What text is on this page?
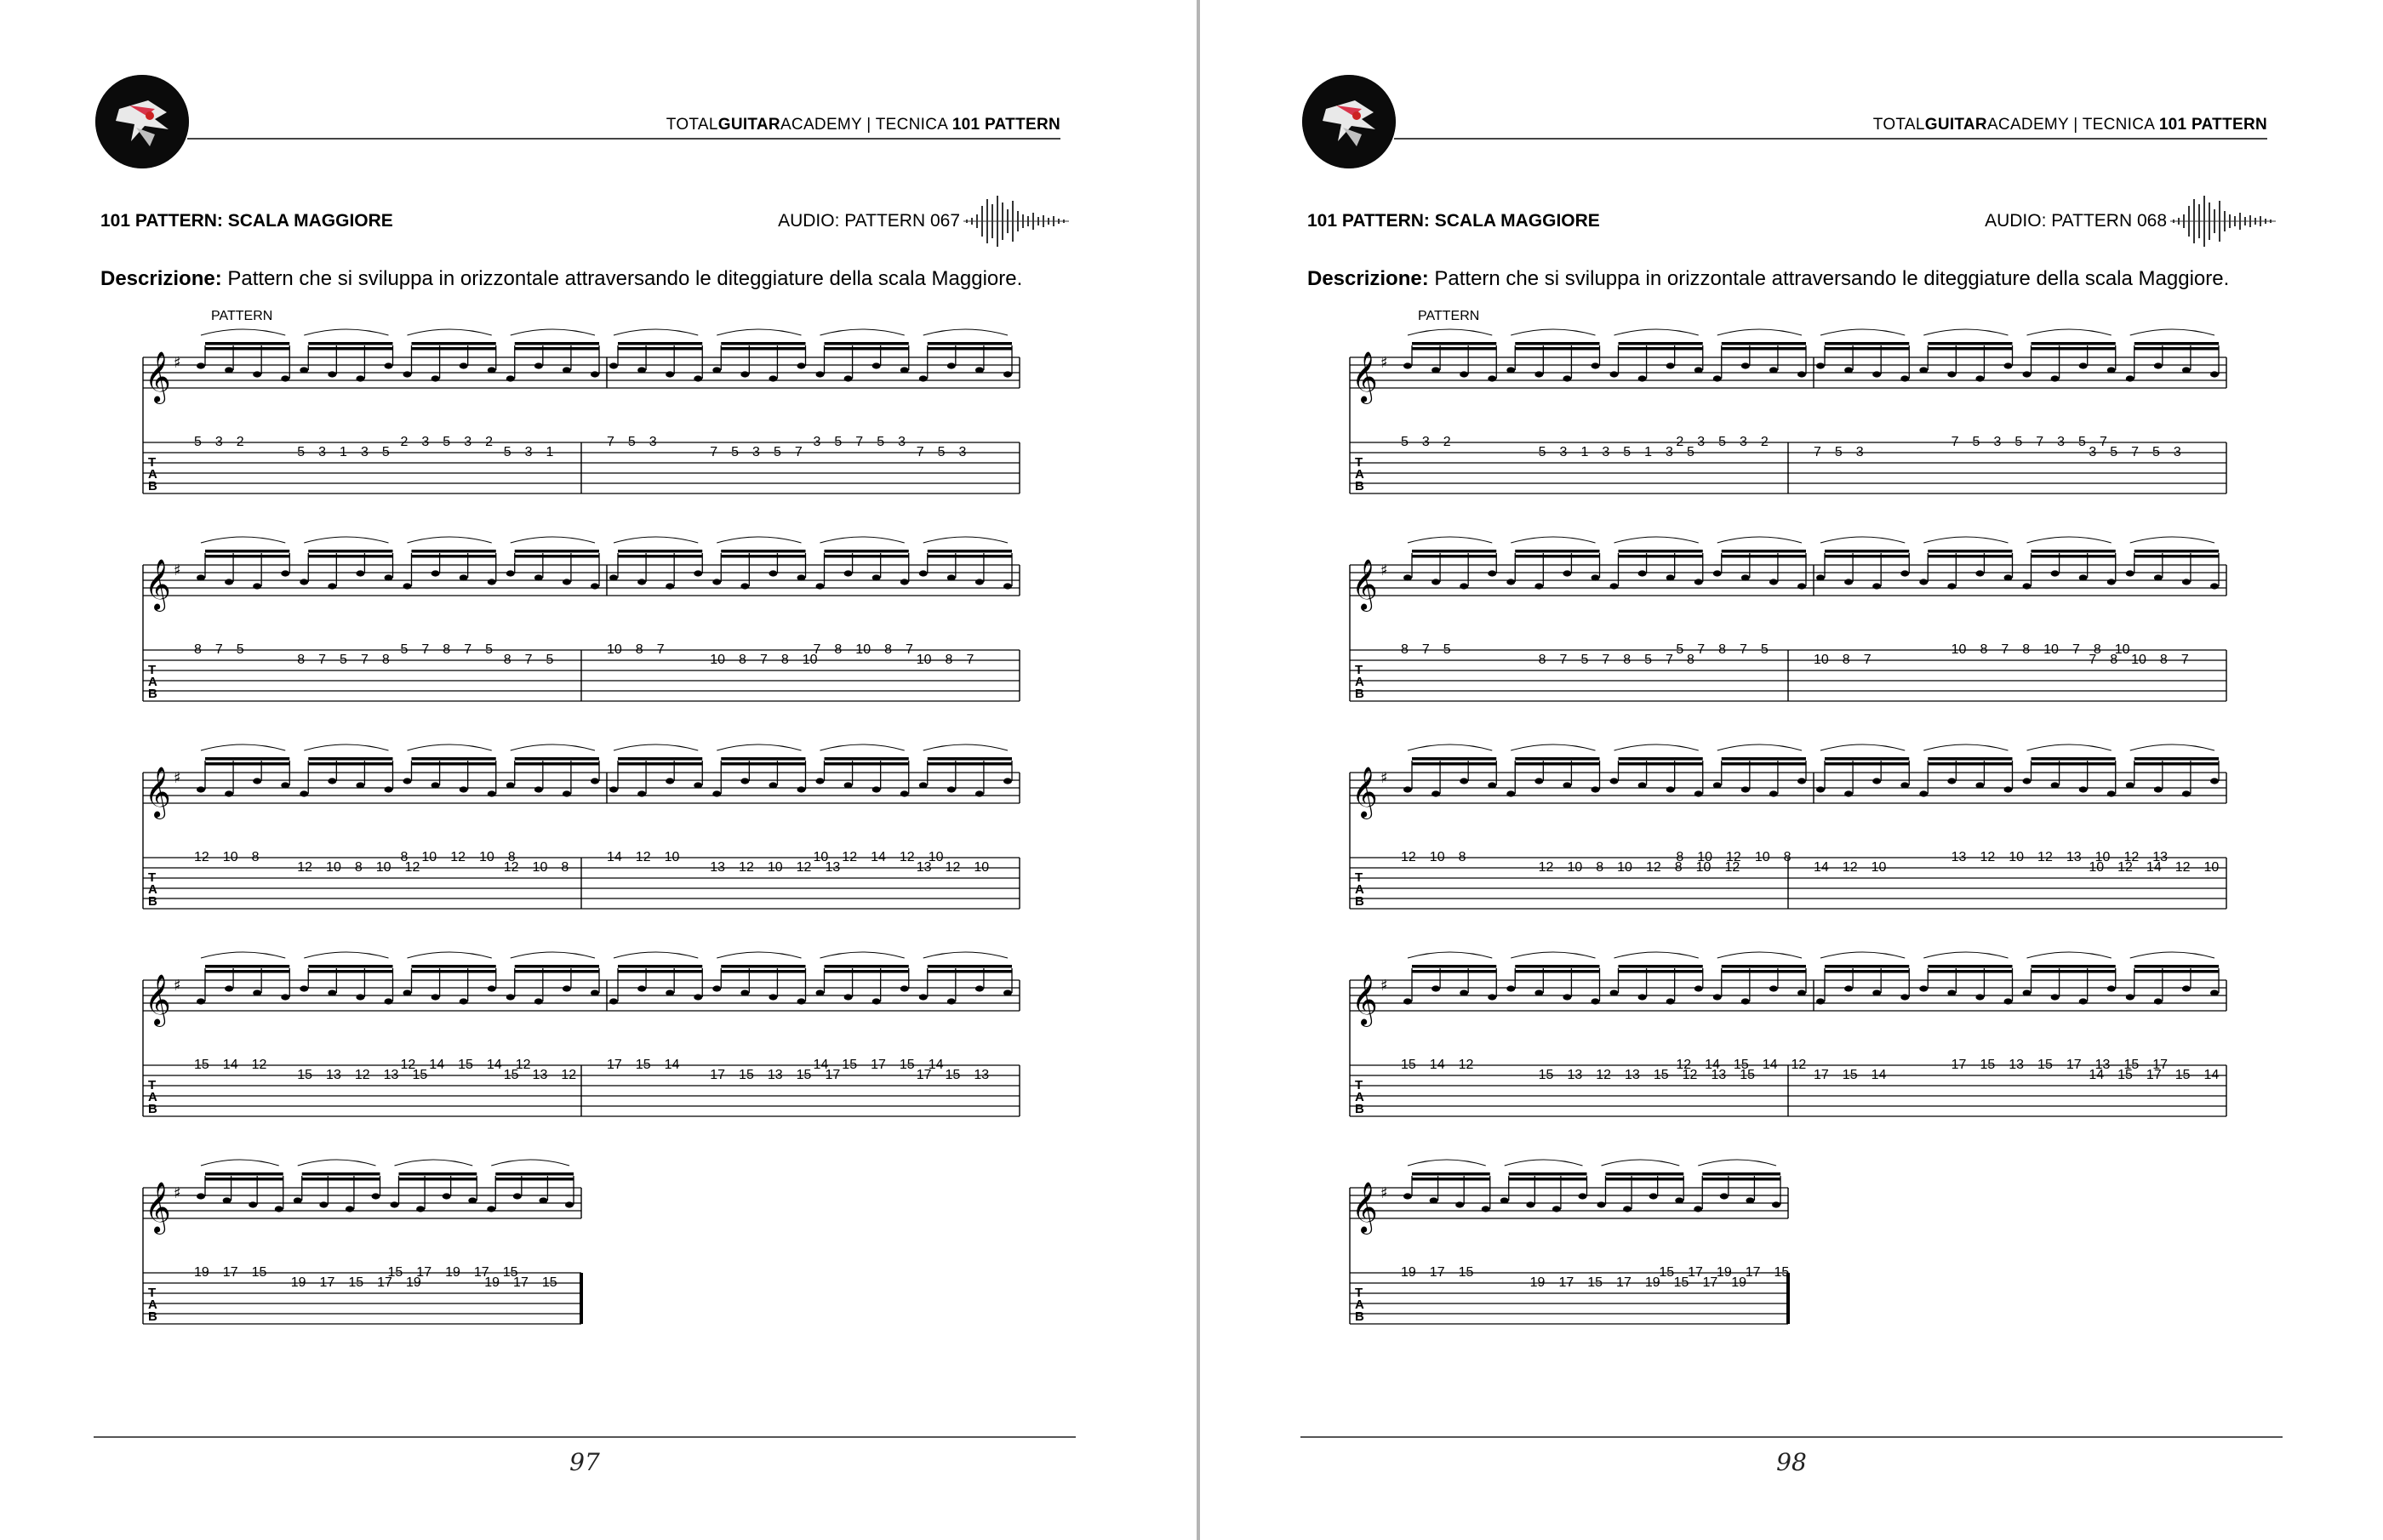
TOTALGUITARACADEMY | TECNICA 101 PATTERN
101 PATTERN: SCALA MAGGIORE	AUDIO: PATTERN 067
Descrizione: Pattern che si sviluppa in orizzontale attraversando le diteggiature della scala Maggiore.
PATTERN
𝄞 ♯
T
A
B
5—3—2
5—3—1—3—5
2—3—5—3—2
5—3—1
7—5—3
7—5—3—5—7
3—5—7—5—3
7—5—3
𝄞 ♯
T
A
B
8—7—5
8—7—5—7—8
5—7—8—7—5
8—7—5
10—8—7
10—8—7—8—10
7—8—10—8—7
10—8—7
𝄞 ♯
T
A
B
12—10—8
12—10—8—10—12
8—10—12—10—8
12—10—8
14—12—10
13—12—10—12—13
10—12—14—12—10
13—12—10
𝄞 ♯
T
A
B
15—14—12
15—13—12—13—15
12—14—15—14—12
15—13—12
17—15—14
17—15—13—15—17
14—15—17—15—14
17—15—13
𝄞 ♯
T
A
B
19—17—15
19—17—15—17—19
15—17—19—17—15
19—17—15
97
TOTALGUITARACADEMY | TECNICA 101 PATTERN
101 PATTERN: SCALA MAGGIORE	AUDIO: PATTERN 068
Descrizione: Pattern che si sviluppa in orizzontale attraversando le diteggiature della scala Maggiore.
PATTERN
𝄞 ♯
T
A
B
5—3—2
5—3—1—3—5—1—3—5
2—3—5—3—2
7—5—3
7—5—3—5—7—3—5—7
3—5—7—5—3
𝄞 ♯
T
A
B
8—7—5
8—7—5—7—8—5—7—8
5—7—8—7—5
10—8—7
10—8—7—8—10—7—8—10
7—8—10—8—7
𝄞 ♯
T
A
B
12—10—8
12—10—8—10—12—8—10—12
8—10—12—10—8
14—12—10
13—12—10—12—13—10—12—13
10—12—14—12—10
𝄞 ♯
T
A
B
15—14—12
15—13—12—13—15—12—13—15
12—14—15—14—12
17—15—14
17—15—13—15—17—13—15—17
14—15—17—15—14
𝄞 ♯
T
A
B
19—17—15
19—17—15—17—19—15—17—19
15—17—19—17—15
98
